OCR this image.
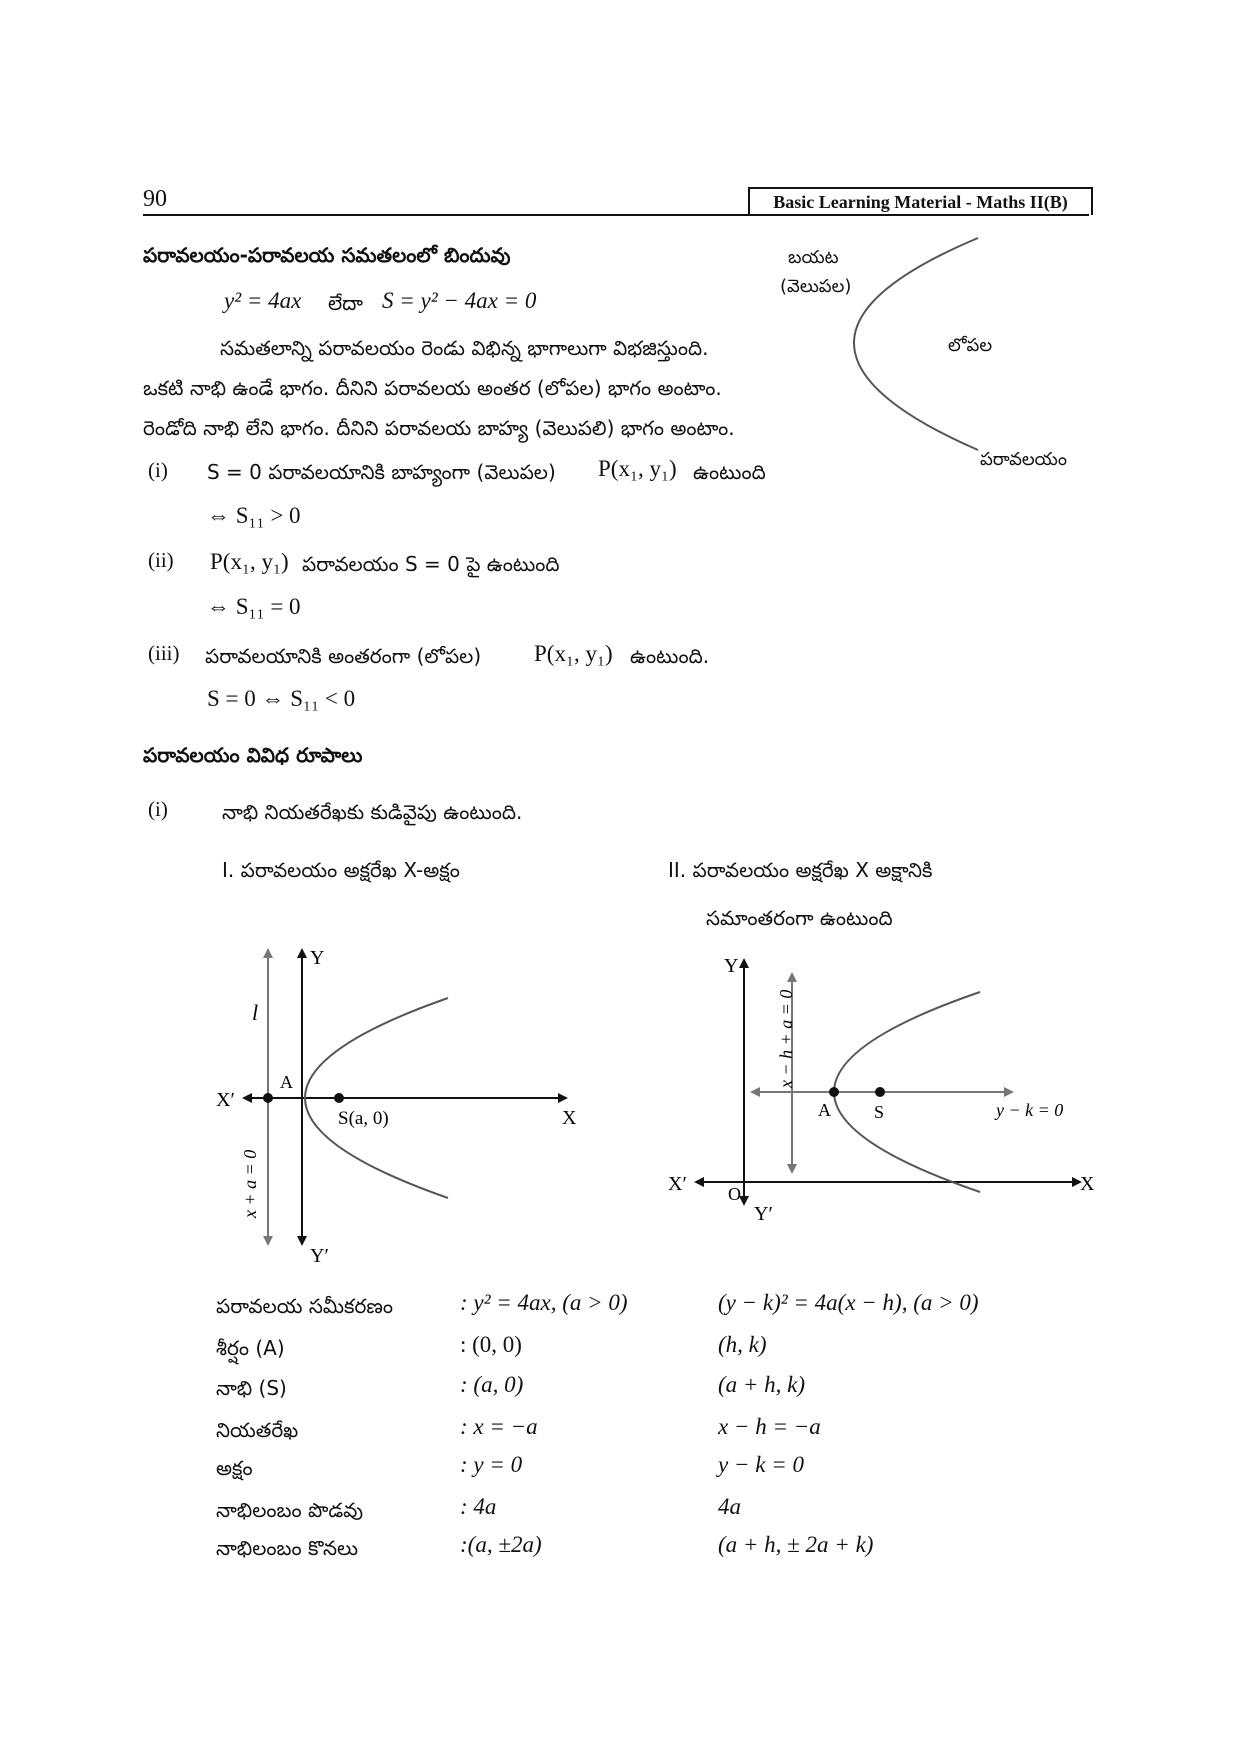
90	Basic Learning Material - Maths II(B)
పరావలయం-పరావలయ సమతలంలో బిందువు
y² = 4ax లేదా S = y² − 4ax = 0
సమతలాన్ని పరావలయం రెండు విభిన్న భాగాలుగా విభజిస్తుంది.
ఒకటి నాభి ఉండే భాగం. దీనిని పరావలయ అంతర (లోపల) భాగం అంటాం.
రెండోది నాభి లేని భాగం. దీనిని పరావలయ బాహ్య (వెలుపలి) భాగం అంటాం.
(i) S = 0 పరావలయానికి బాహ్యంగా (వెలుపల) P(x₁, y₁) ఉంటుంది
⇔ S₁₁ > 0
(ii) P(x₁, y₁) పరావలయం S = 0 పై ఉంటుంది
⇔ S₁₁ = 0
(iii) పరావలయానికి అంతరంగా (లోపల) P(x₁, y₁) ఉంటుంది.
S = 0 ⇔ S₁₁ < 0
బయట
(వెలుపల)
లోపల
పరావలయం
పరావలయం వివిధ రూపాలు
(i)	నాభి నియతరేఖకు కుడివైపు ఉంటుంది.
I. పరావలయం అక్షరేఖ X-అక్షం	II. పరావలయం అక్షరేఖ X అక్షానికి
సమాంతరంగా ఉంటుంది
l
Y
Y′
X′
X
A
S(a, 0)
x + a = 0
Y
Y′
X′	X
O
A S	y − k = 0
x − h + a = 0
పరావలయ సమీకరణం	: y² = 4ax, (a > 0)	(y − k)² = 4a(x − h), (a > 0)
శీర్షం (A)	: (0, 0)	(h, k)
నాభి (S)	: (a, 0)	(a + h, k)
నియతరేఖ	: x = −a	x − h = −a
అక్షం	: y = 0	y − k = 0
నాభిలంబం పొడవు	: 4a	4a
నాభిలంబం కొనలు	:(a, ±2a)	(a + h, ± 2a + k)
